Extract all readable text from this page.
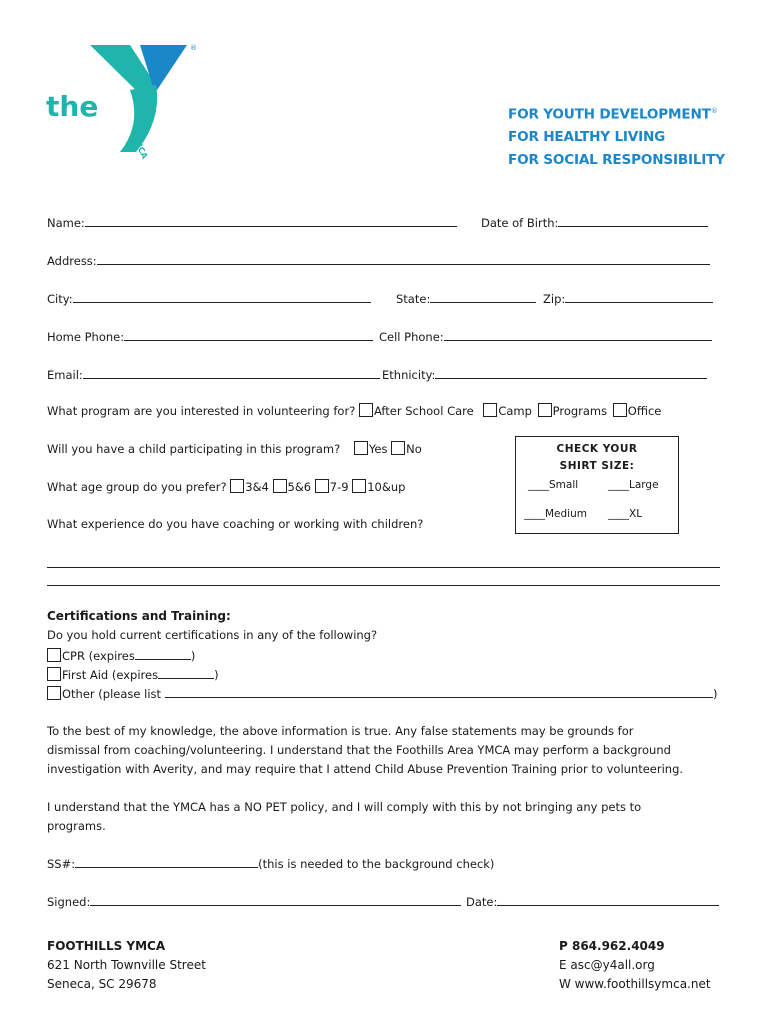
the
YMCA
®
FOR YOUTH DEVELOPMENT®
FOR HEALTHY LIVING
FOR SOCIAL RESPONSIBILITY
Name:	Date of Birth:
Address:
City:	State:	Zip:
Home Phone:	Cell Phone:
Email:	Ethnicity:
What program are you interested in volunteering for? After School Care Camp Programs Office
Will you have a child participating in this program? Yes No
What age group do you prefer? 3&4 5&6 7-9 10&up
CHECK YOUR
SHIRT SIZE:
____Small	____Large
____Medium ____XL
What experience do you have coaching or working with children?
Certifications and Training:
Do you hold current certifications in any of the following?
CPR (expires	)
First Aid (expires	)
Other (please list	)
To the best of my knowledge, the above information is true. Any false statements may be grounds for
dismissal from coaching/volunteering. I understand that the Foothills Area YMCA may perform a background
investigation with Averity, and may require that I attend Child Abuse Prevention Training prior to volunteering.
I understand that the YMCA has a NO PET policy, and I will comply with this by not bringing any pets to
programs.
SS#:	(this is needed to the background check)
Signed:	Date:
FOOTHILLS YMCA
621 North Townville Street
Seneca, SC 29678
P 864.962.4049
E asc@y4all.org
W www.foothillsymca.net
